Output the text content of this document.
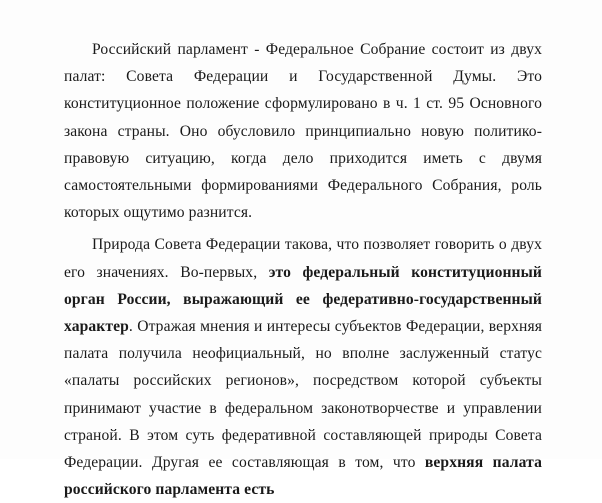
Российский парламент - Федеральное Собрание состоит из двух палат: Совета Федерации и Государственной Думы. Это конституционное положение сформулировано в ч. 1 ст. 95 Основного закона страны. Оно обусловило принципиально новую политико-правовую ситуацию, когда дело приходится иметь с двумя самостоятельными формированиями Федерального Собрания, роль которых ощутимо разнится.

Природа Совета Федерации такова, что позволяет говорить о двух его значениях. Во-первых, это федеральный конституционный орган России, выражающий ее федеративно-государственный характер. Отражая мнения и интересы субъектов Федерации, верхняя палата получила неофициальный, но вполне заслуженный статус «палаты российских регионов», посредством которой субъекты принимают участие в федеральном законотворчестве и управлении страной. В этом суть федеративной составляющей природы Совета Федерации. Другая ее составляющая в том, что верхняя палата российского парламента есть
